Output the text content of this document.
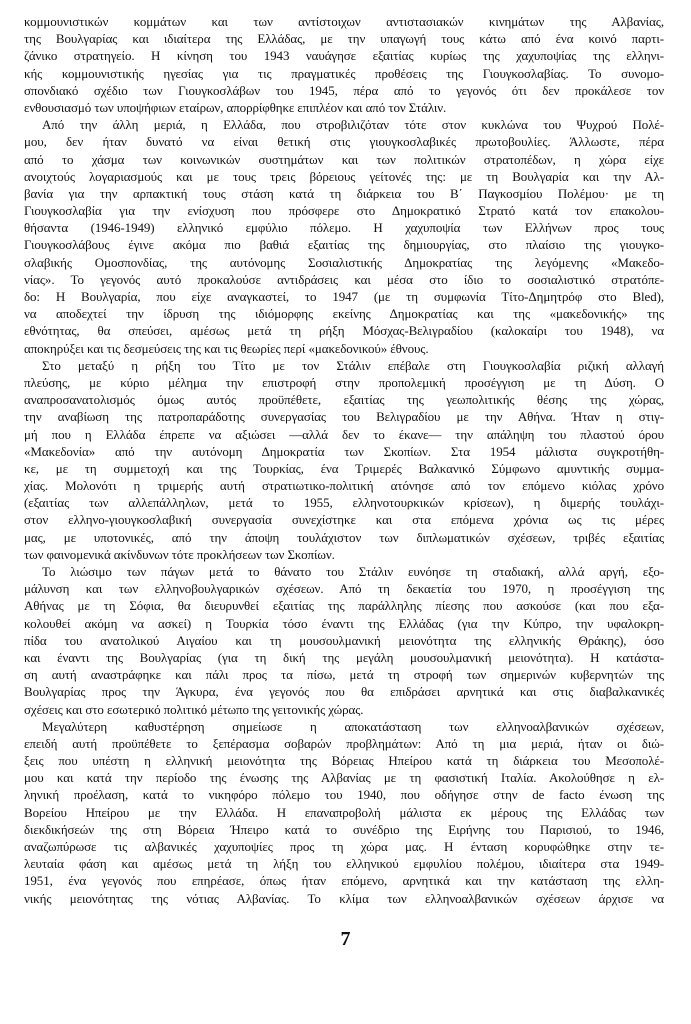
κομμουνιστικών κομμάτων και των αντίστοιχων αντιστασιακών κινημάτων της Αλβανίας,
της Βουλγαρίας και ιδιαίτερα της Ελλάδας, με την υπαγωγή τους κάτω από ένα κοινό παρτι-
ζάνικο στρατηγείο. Η κίνηση του 1943 ναυάγησε εξαιτίας κυρίως της χαχυποψίας της ελληνι-
κής κομμουνιστικής ηγεσίας για τις πραγματικές προθέσεις της Γιουγκοσλαβίας. Το συνομο-
σπονδιακό σχέδιο των Γιουγκοσλάβων του 1945, πέρα από το γεγονός ότι δεν προκάλεσε τον
ενθουσιασμό των υποψήφιων εταίρων, απορρίφθηκε επιπλέον και από τον Στάλιν.
Από την άλλη μεριά, η Ελλάδα, που στροβιλιζόταν τότε στον κυκλώνα του Ψυχρού Πολέ-
μου, δεν ήταν δυνατό να είναι θετική στις γιουγκοσλαβικές πρωτοβουλίες. Άλλωστε, πέρα
από το χάσμα των κοινωνικών συστημάτων και των πολιτικών στρατοπέδων, η χώρα είχε
ανοιχτούς λογαριασμούς και με τους τρεις βόρειους γείτονές της: με τη Βουλγαρία και την Αλ-
βανία για την αρπακτική τους στάση κατά τη διάρκεια του Β΄ Παγκοσμίου Πολέμου· με τη
Γιουγκοσλαβία για την ενίσχυση που πρόσφερε στο Δημοκρατικό Στρατό κατά τον επακολου-
θήσαντα (1946-1949) ελληνικό εμφύλιο πόλεμο. Η χαχυποψία των Ελλήνων προς τους
Γιουγκοσλάβους έγινε ακόμα πιο βαθιά εξαιτίας της δημιουργίας, στο πλαίσιο της γιουγκο-
σλαβικής Ομοσπονδίας, της αυτόνομης Σοσιαλιστικής Δημοκρατίας της λεγόμενης «Μακεδο-
νίας». Το γεγονός αυτό προκαλούσε αντιδράσεις και μέσα στο ίδιο το σοσιαλιστικό στρατόπε-
δο: Η Βουλγαρία, που είχε αναγκαστεί, το 1947 (με τη συμφωνία Τίτο-Δημητρόφ στο Bled),
να αποδεχτεί την ίδρυση της ιδιόμορφης εκείνης Δημοκρατίας και της «μακεδονικής» της
εθνότητας, θα σπεύσει, αμέσως μετά τη ρήξη Μόσχας-Βελιγραδίου (καλοκαίρι του 1948), να
αποκηρύξει και τις δεσμεύσεις της και τις θεωρίες περί «μακεδονικού» έθνους.
Στο μεταξύ η ρήξη του Τίτο με τον Στάλιν επέβαλε στη Γιουγκοσλαβία ριζική αλλαγή
πλεύσης, με κύριο μέλημα την επιστροφή στην προπολεμική προσέγγιση με τη Δύση. Ο
αναπροσανατολισμός όμως αυτός προϋπέθετε, εξαιτίας της γεωπολιτικής θέσης της χώρας,
την αναβίωση της πατροπαράδοτης συνεργασίας του Βελιγραδίου με την Αθήνα. Ήταν η στιγ-
μή που η Ελλάδα έπρεπε να αξιώσει —αλλά δεν το έκανε— την απάληψη του πλαστού όρου
«Μακεδονία» από την αυτόνομη Δημοκρατία των Σκοπίων. Στα 1954 μάλιστα συγκροτήθη-
κε, με τη συμμετοχή και της Τουρκίας, ένα Τριμερές Βαλκανικό Σύμφωνο αμυντικής συμμα-
χίας. Μολονότι η τριμερής αυτή στρατιωτικο-πολιτική ατόνησε από τον επόμενο κιόλας χρόνο
(εξαιτίας των αλλεπάλληλων, μετά το 1955, ελληνοτουρκικών κρίσεων), η διμερής τουλάχι-
στον ελληνο-γιουγκοσλαβική συνεργασία συνεχίστηκε και στα επόμενα χρόνια ως τις μέρες
μας, με υποτονικές, από την άποψη τουλάχιστον των διπλωματικών σχέσεων, τριβές εξαιτίας
των φαινομενικά ακίνδυνων τότε προκλήσεων των Σκοπίων.
Το λιώσιμο των πάγων μετά το θάνατο του Στάλιν ευνόησε τη σταδιακή, αλλά αργή, εξο-
μάλυνση και των ελληνοβουλγαρικών σχέσεων. Από τη δεκαετία του 1970, η προσέγγιση της
Αθήνας με τη Σόφια, θα διευρυνθεί εξαιτίας της παράλληλης πίεσης που ασκούσε (και που εξα-
κολουθεί ακόμη να ασκεί) η Τουρκία τόσο έναντι της Ελλάδας (για την Κύπρο, την υφαλοκρη-
πίδα του ανατολικού Αιγαίου και τη μουσουλμανική μειονότητα της ελληνικής Θράκης), όσο
και έναντι της Βουλγαρίας (για τη δική της μεγάλη μουσουλμανική μειονότητα). Η κατάστα-
ση αυτή αναστράφηκε και πάλι προς τα πίσω, μετά τη στροφή των σημερινών κυβερνητών της
Βουλγαρίας προς την Άγκυρα, ένα γεγονός που θα επιδράσει αρνητικά και στις διαβαλκανικές
σχέσεις και στο εσωτερικό πολιτικό μέτωπο της γειτονικής χώρας.
Μεγαλύτερη καθυστέρηση σημείωσε η αποκατάσταση των ελληνοαλβανικών σχέσεων,
επειδή αυτή προϋπέθετε το ξεπέρασμα σοβαρών προβλημάτων: Από τη μια μεριά, ήταν οι διώ-
ξεις που υπέστη η ελληνική μειονότητα της Βόρειας Ηπείρου κατά τη διάρκεια του Μεσοπολέ-
μου και κατά την περίοδο της ένωσης της Αλβανίας με τη φασιστική Ιταλία. Ακολούθησε η ελ-
ληνική προέλαση, κατά το νικηφόρο πόλεμο του 1940, που οδήγησε στην de facto ένωση της
Βορείου Ηπείρου με την Ελλάδα. Η επαναπροβολή μάλιστα εκ μέρους της Ελλάδας των
διεκδικήσεών της στη Βόρεια Ήπειρο κατά το συνέδριο της Ειρήνης του Παρισιού, το 1946,
αναζωπύρωσε τις αλβανικές χαχυποψίες προς τη χώρα μας. Η ένταση κορυφώθηκε στην τε-
λευταία φάση και αμέσως μετά τη λήξη του ελληνικού εμφυλίου πολέμου, ιδιαίτερα στα 1949-
1951, ένα γεγονός που επηρέασε, όπως ήταν επόμενο, αρνητικά και την κατάσταση της ελλη-
νικής μειονότητας της νότιας Αλβανίας. Το κλίμα των ελληνοαλβανικών σχέσεων άρχισε να
7
